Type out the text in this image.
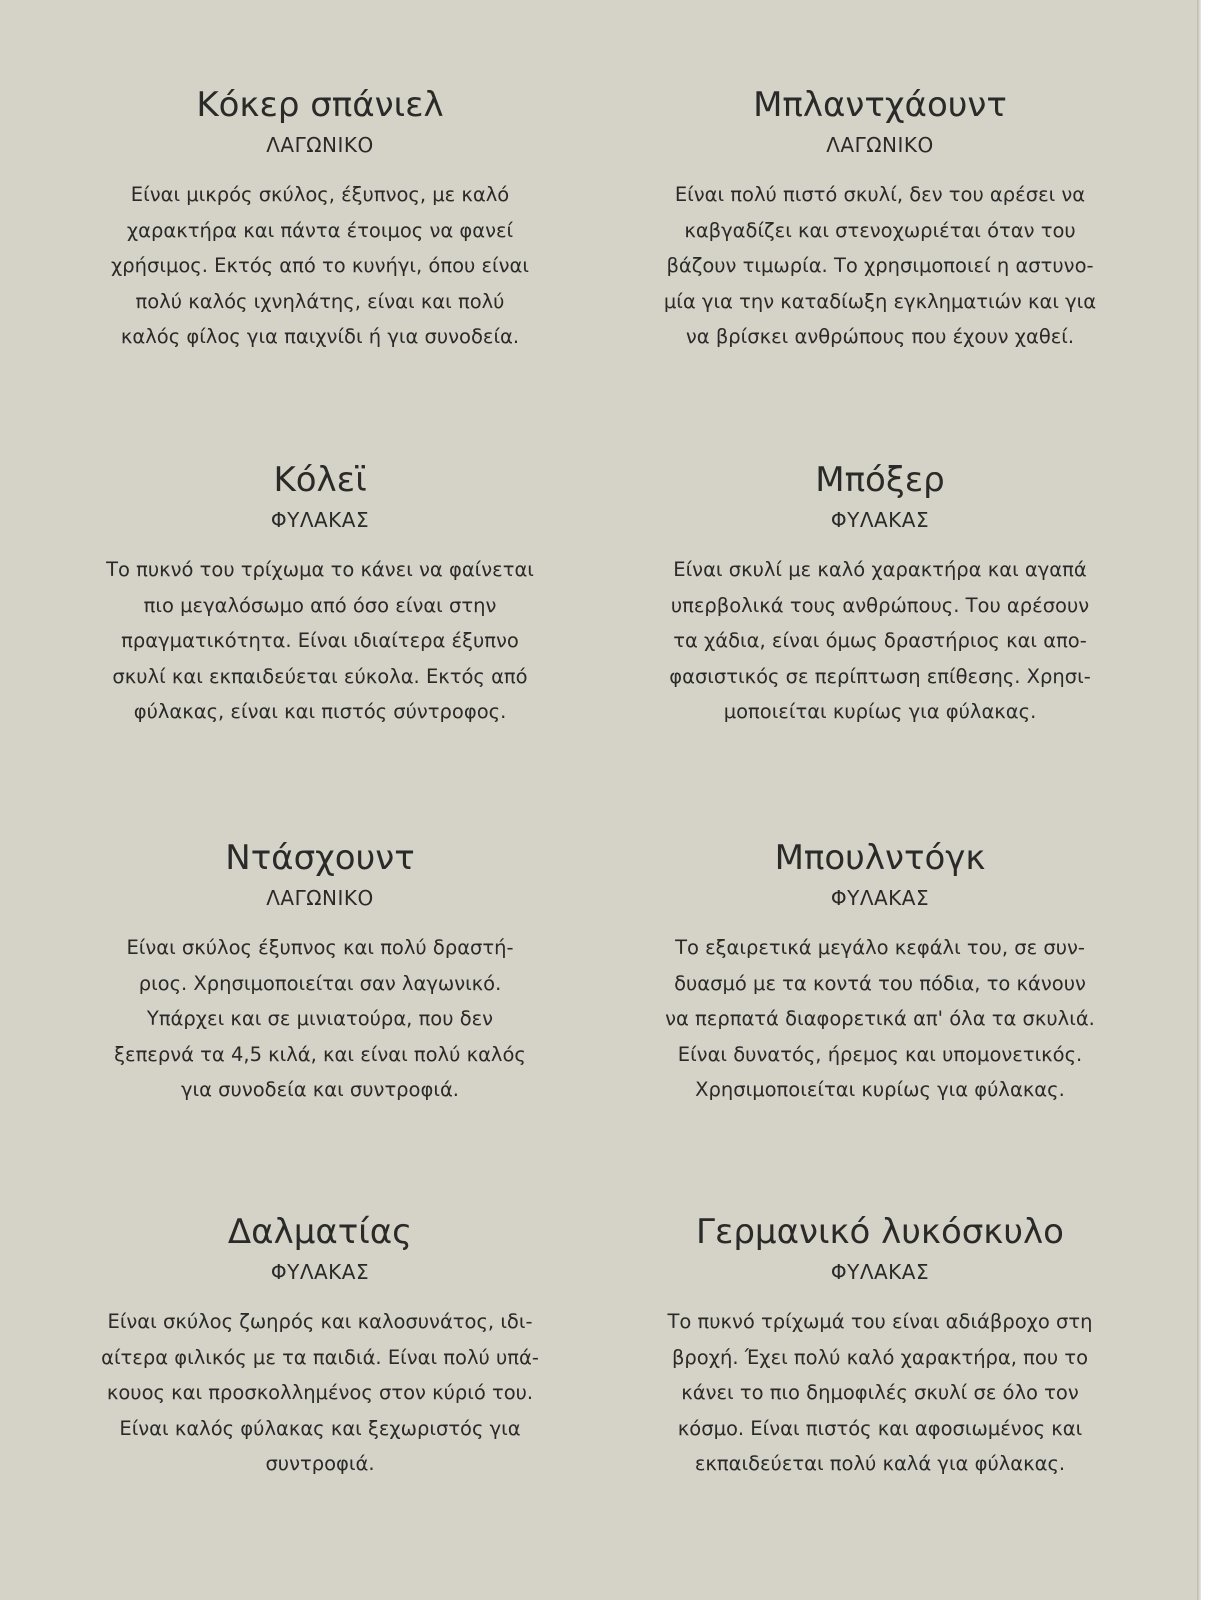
Κόκερ σπάνιελ
ΛΑΓΩΝΙΚΟ

Είναι μικρός σκύλος, έξυπνος, με καλό
χαρακτήρα και πάντα έτοιμος να φανεί
χρήσιμος. Εκτός από το κυνήγι, όπου είναι
πολύ καλός ιχνηλάτης, είναι και πολύ
καλός φίλος για παιχνίδι ή για συνοδεία.

Μπλαντχάουντ
ΛΑΓΩΝΙΚΟ

Είναι πολύ πιστό σκυλί, δεν του αρέσει να
καβγαδίζει και στενοχωριέται όταν του
βάζουν τιμωρία. Το χρησιμοποιεί η αστυνο-
μία για την καταδίωξη εγκληματιών και για
να βρίσκει ανθρώπους που έχουν χαθεί.

Κόλεϊ
ΦΥΛΑΚΑΣ

Το πυκνό του τρίχωμα το κάνει να φαίνεται
πιο μεγαλόσωμο από όσο είναι στην
πραγματικότητα. Είναι ιδιαίτερα έξυπνο
σκυλί και εκπαιδεύεται εύκολα. Εκτός από
φύλακας, είναι και πιστός σύντροφος.

Μπόξερ
ΦΥΛΑΚΑΣ

Είναι σκυλί με καλό χαρακτήρα και αγαπά
υπερβολικά τους ανθρώπους. Του αρέσουν
τα χάδια, είναι όμως δραστήριος και απο-
φασιστικός σε περίπτωση επίθεσης. Χρησι-
μοποιείται κυρίως για φύλακας.

Ντάσχουντ
ΛΑΓΩΝΙΚΟ

Είναι σκύλος έξυπνος και πολύ δραστή-
ριος. Χρησιμοποιείται σαν λαγωνικό.
Υπάρχει και σε μινιατούρα, που δεν
ξεπερνά τα 4,5 κιλά, και είναι πολύ καλός
για συνοδεία και συντροφιά.

Μπουλντόγκ
ΦΥΛΑΚΑΣ

Το εξαιρετικά μεγάλο κεφάλι του, σε συν-
δυασμό με τα κοντά του πόδια, το κάνουν
να περπατά διαφορετικά απ' όλα τα σκυλιά.
Είναι δυνατός, ήρεμος και υπομονετικός.
Χρησιμοποιείται κυρίως για φύλακας.

Δαλματίας
ΦΥΛΑΚΑΣ

Είναι σκύλος ζωηρός και καλοσυνάτος, ιδι-
αίτερα φιλικός με τα παιδιά. Είναι πολύ υπά-
κουος και προσκολλημένος στον κύριό του.
Είναι καλός φύλακας και ξεχωριστός για
συντροφιά.

Γερμανικό λυκόσκυλο
ΦΥΛΑΚΑΣ

Το πυκνό τρίχωμά του είναι αδιάβροχο στη
βροχή. Έχει πολύ καλό χαρακτήρα, που το
κάνει το πιο δημοφιλές σκυλί σε όλο τον
κόσμο. Είναι πιστός και αφοσιωμένος και
εκπαιδεύεται πολύ καλά για φύλακας.
